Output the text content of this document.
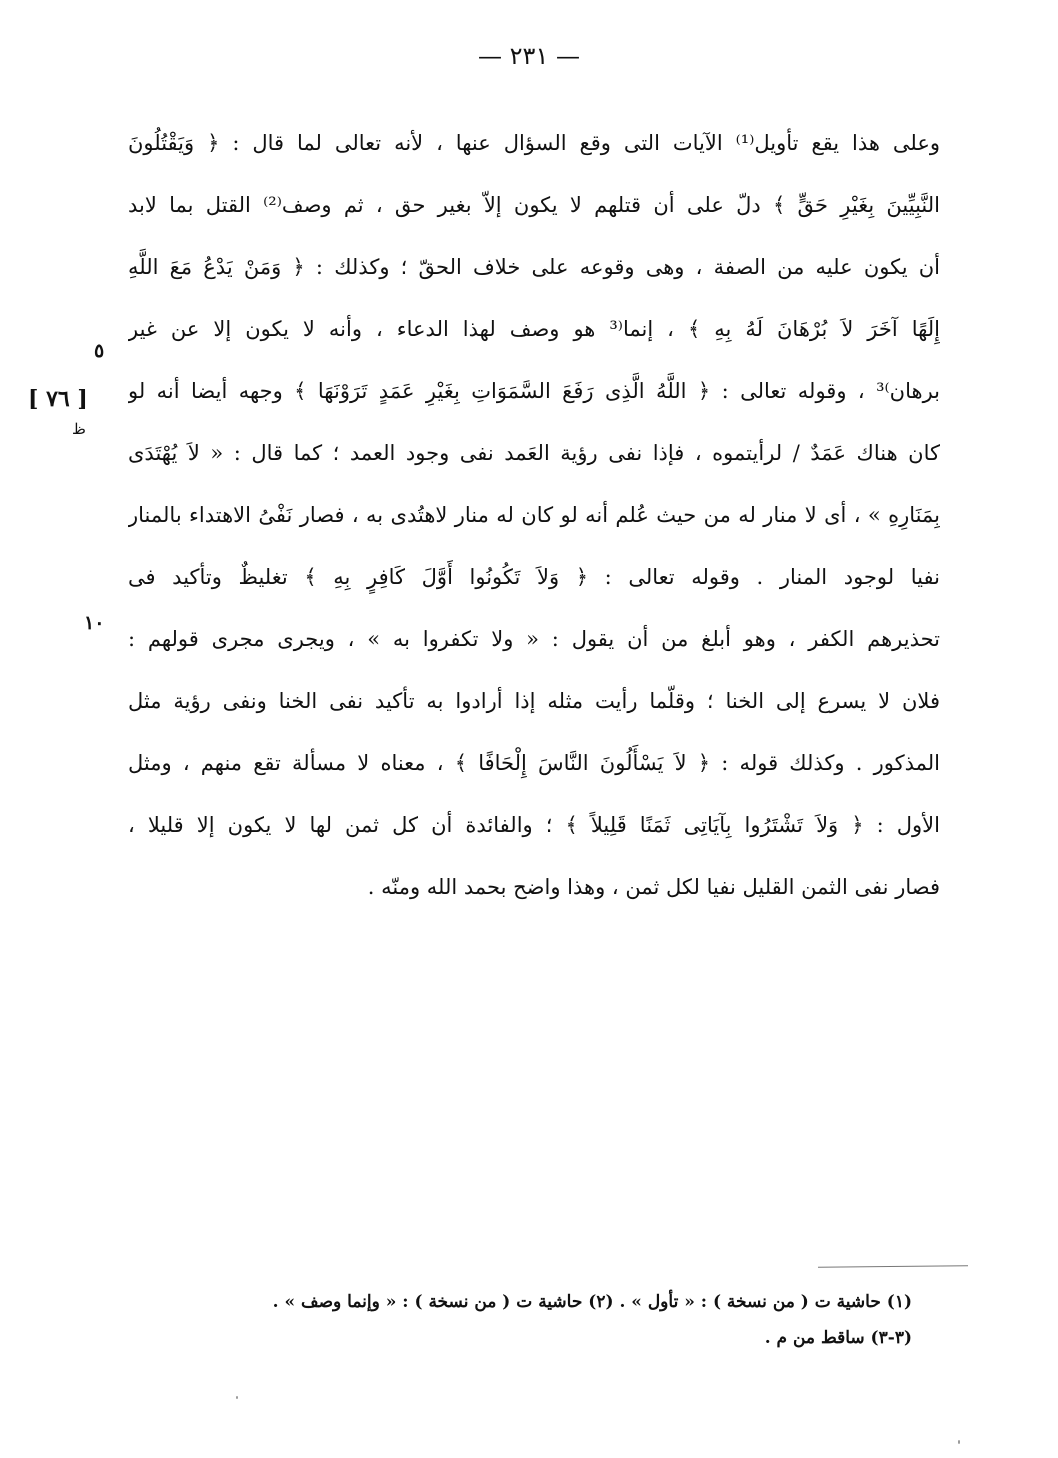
— ٢٣١ —
وعلى هذا يقع تأويل⁽¹⁾ الآيات التى وقع السؤال عنها ، لأنه تعالى لما قال : ﴿ وَيَقْتُلُونَ
النَّبِيِّينَ بِغَيْرِ حَقٍّ ﴾ دلّ على أن قتلهم لا يكون إلاّ بغير حق ، ثم وصف⁽²⁾ القتل بما لابد
أن يكون عليه من الصفة ، وهى وقوعه على خلاف الحقّ ؛ وكذلك : ﴿ وَمَنْ يَدْعُ مَعَ اللَّهِ
إِلَهًا آخَرَ لاَ بُرْهَانَ لَهُ بِهِ ﴾ ، إنما⁽³ هو وصف لهذا الدعاء ، وأنه لا يكون إلا عن غير
برهان⁾³ ، وقوله تعالى : ﴿ اللَّهُ الَّذِى رَفَعَ السَّمَوَاتِ بِغَيْرِ عَمَدٍ تَرَوْنَهَا ﴾ وجهه أيضا أنه لو
كان هناك عَمَدٌ / لرأيتموه ، فإذا نفى رؤية العَمد نفى وجود العمد ؛ كما قال : « لاَ يُهْتَدَى
بِمَنَارِهِ » ، أى لا منار له من حيث عُلم أنه لو كان له منار لاهتُدى به ، فصار نَفْىُ الاهتداء بالمنار
نفيا لوجود المنار . وقوله تعالى : ﴿ وَلاَ تَكُونُوا أَوَّلَ كَافِرٍ بِهِ ﴾ تغليظٌ وتأكيد فى
تحذيرهم الكفر ، وهو أبلغ من أن يقول : « ولا تكفروا به » ، ويجرى مجرى قولهم :
فلان لا يسرع إلى الخنا ؛ وقلّما رأيت مثله إذا أرادوا به تأكيد نفى الخنا ونفى رؤية مثل
المذكور . وكذلك قوله : ﴿ لاَ يَسْأَلُونَ النَّاسَ إِلْحَافًا ﴾ ، معناه لا مسألة تقع منهم ، ومثل
الأول : ﴿ وَلاَ تَشْتَرُوا بِآيَاتِى ثَمَنًا قَلِيلاً ﴾ ؛ والفائدة أن كل ثمن لها لا يكون إلا قليلا ،
فصار نفى الثمن القليل نفيا لكل ثمن ، وهذا واضح بحمد الله ومنّه .
٥
[ ٧٦ ]
ظ
١٠
(١) حاشية ت ( من نسخة ) : « تأول » . (٢) حاشية ت ( من نسخة ) : « وإنما وصف » .
(٣-٣) ساقط من م .
